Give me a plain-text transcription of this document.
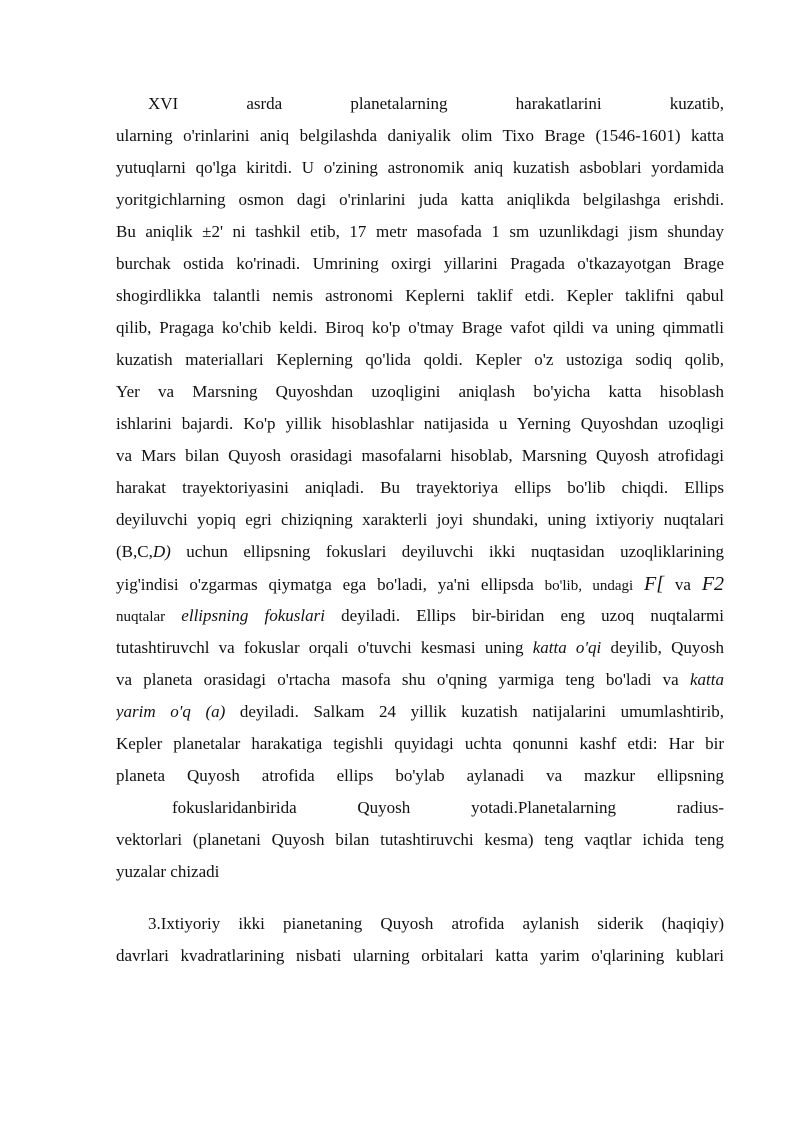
XVI asrda planetalarning harakatlarini kuzatib,
ularning o'rinlarini aniq belgilashda daniyalik olim Tixo Brage (1546-1601) katta
yutuqlarni qo'lga kiritdi. U o'zining astronomik aniq kuzatish asboblari yordamida
yoritgichlarning osmon dagi o'rinlarini juda katta aniqlikda belgilashga erishdi.
Bu aniqlik ±2' ni tashkil etib, 17 metr masofada 1 sm uzunlikdagi jism shunday
burchak ostida ko'rinadi. Umrining oxirgi yillarini Pragada o'tkazayotgan Brage
shogirdlikka talantli nemis astronomi Keplerni taklif etdi. Kepler taklifni qabul
qilib, Pragaga ko'chib keldi. Biroq ko'p o'tmay Brage vafot qildi va uning qimmatli
kuzatish materiallari Keplerning qo'lida qoldi. Kepler o'z ustoziga sodiq qolib,
Yer va Marsning Quyoshdan uzoqligini aniqlash bo'yicha katta hisoblash
ishlarini bajardi. Ko'p yillik hisoblashlar natijasida u Yerning Quyoshdan uzoqligi
va Mars bilan Quyosh orasidagi masofalarni hisoblab, Marsning Quyosh atrofidagi
harakat trayektoriyasini aniqladi. Bu trayektoriya ellips bo'lib chiqdi. Ellips
deyiluvchi yopiq egri chiziqning xarakterli joyi shundaki, uning ixtiyoriy nuqtalari
(B,C,D) uchun ellipsning fokuslari deyiluvchi ikki nuqtasidan uzoqliklarining
yig'indisi o'zgarmas qiymatga ega bo'ladi, ya'ni ellipsda bo'lib, undagi F[ va F2
nuqtalar ellipsning fokuslari deyiladi. Ellips bir-biridan eng uzoq nuqtalarmi
tutashtiruvchl va fokuslar orqali o'tuvchi kesmasi uning katta o'qi deyilib, Quyosh
va planeta orasidagi o'rtacha masofa shu o'qning yarmiga teng bo'ladi va katta
yarim o'q (a) deyiladi. Salkam 24 yillik kuzatish natijalarini umumlashtirib,
Kepler planetalar harakatiga tegishli quyidagi uchta qonunni kashf etdi: Har bir
planeta Quyosh atrofida ellips bo'ylab aylanadi va mazkur ellipsning
fokuslaridanbirida Quyosh yotadi.Planetalarning radius-
vektorlari (planetani Quyosh bilan tutashtiruvchi kesma) teng vaqtlar ichida teng
yuzalar chizadi
3.Ixtiyoriy ikki pianetaning Quyosh atrofida aylanish siderik (haqiqiy)
davrlari kvadratlarining nisbati ularning orbitalari katta yarim o'qlarining kublari
